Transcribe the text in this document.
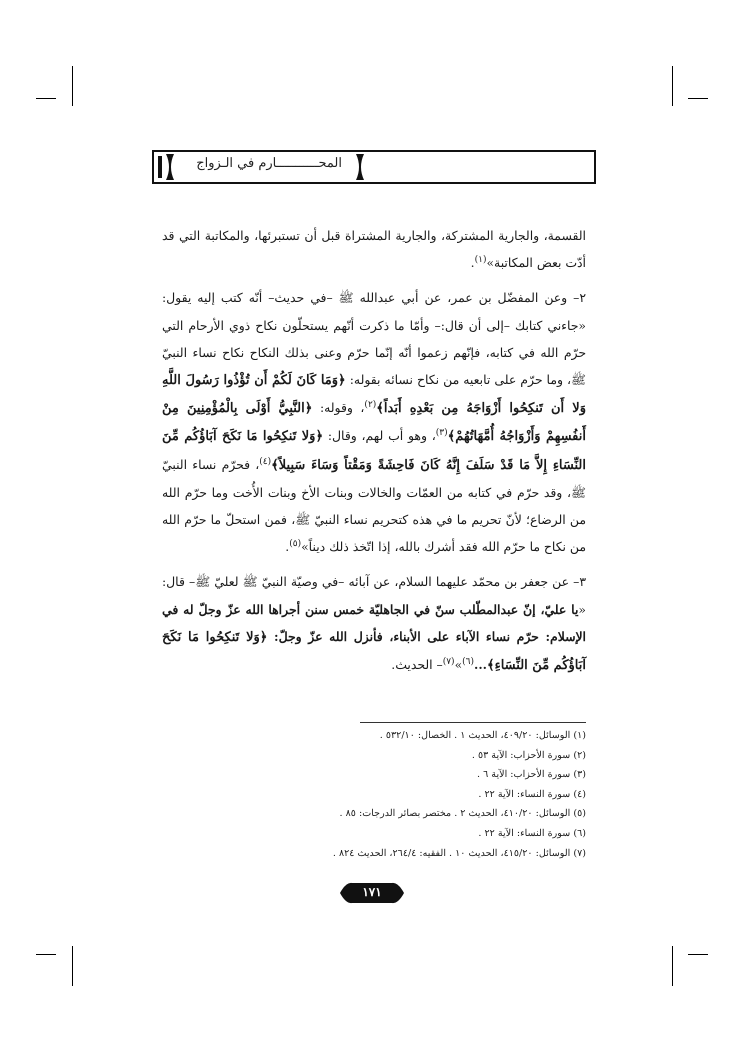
المحـــــــــــارم في الـزواج

القسمة، والجارية المشتركة، والجارية المشتراة قبل أن تستبرئها، والمكاتبة التي قد أدّت بعض المكاتبة»$^{(١)}$.

٢– وعن المفضّل بن عمر، عن أبي عبدالله ﷺ –في حديث– أنّه كتب إليه يقول: «جاءني كتابك –إلى أن قال:– وأمّا ما ذكرت أنّهم يستحلّون نكاح ذوي الأرحام التي حرّم الله في كتابه، فإنّهم زعموا أنّه إنّما حرّم وعنى بذلك النكاح نكاح نساء النبيّ ﷺ، وما حرّم على تابعيه من نكاح نسائه بقوله: ﴿وَمَا كَانَ لَكُمْ أَن تُؤْذُوا رَسُولَ اللَّهِ وَلا أَن تَنكِحُوا أَزْوَاجَهُ مِن بَعْدِهِ أَبَداً﴾$^{(٢)}$، وقوله: ﴿النَّبِيُّ أَوْلَى بِالْمُؤْمِنِينَ مِنْ أَنفُسِهِمْ وَأَزْوَاجُهُ أُمَّهَاتُهُمْ﴾$^{(٣)}$، وهو أب لهم، وقال: ﴿وَلا تَنكِحُوا مَا نَكَحَ آبَاؤُكُم مِّنَ النِّسَاءِ إِلاَّ مَا قَدْ سَلَفَ إِنَّهُ كَانَ فَاحِشَةً وَمَقْتاً وَسَاءَ سَبِيلاً﴾$^{(٤)}$، فحرّم نساء النبيّ ﷺ، وقد حرّم في كتابه من العمّات والخالات وبنات الأخ وبنات الأُخت وما حرّم الله من الرضاع؛ لأنّ تحريم ما في هذه كتحريم نساء النبيّ ﷺ، فمن استحلّ ما حرّم الله من نكاح ما حرّم الله فقد أشرك بالله، إذا اتّخذ ذلك ديناً»$^{(٥)}$.

٣– عن جعفر بن محمّد عليهما السلام، عن آبائه –في وصيّة النبيّ ﷺ لعليّ ﷺ– قال: «يا عليّ، إنّ عبدالمطّلب سنّ في الجاهليّة خمس سنن أجراها الله عزّ وجلّ له في الإسلام: حرّم نساء الآباء على الأبناء، فأنزل الله عزّ وجلّ: ﴿وَلا تَنكِحُوا مَا نَكَحَ آبَاؤُكُم مِّنَ النِّسَاءِ﴾...$^{(٦)}$»$^{(٧)}$– الحديث.

(١) الوسائل: ٤٠٩/٢٠، الحديث ١ . الخصال: ٥٣٢/١٠ .
(٢) سورة الأحزاب: الآية ٥٣ .
(٣) سورة الأحزاب: الآية ٦ .
(٤) سورة النساء: الآية ٢٢ .
(٥) الوسائل: ٤١٠/٢٠، الحديث ٢ . مختصر بصائر الدرجات: ٨٥ .
(٦) سورة النساء: الآية ٢٢ .
(٧) الوسائل: ٤١٥/٢٠، الحديث ١٠ . الفقيه: ٢٦٤/٤، الحديث ٨٢٤ .
١٧١
